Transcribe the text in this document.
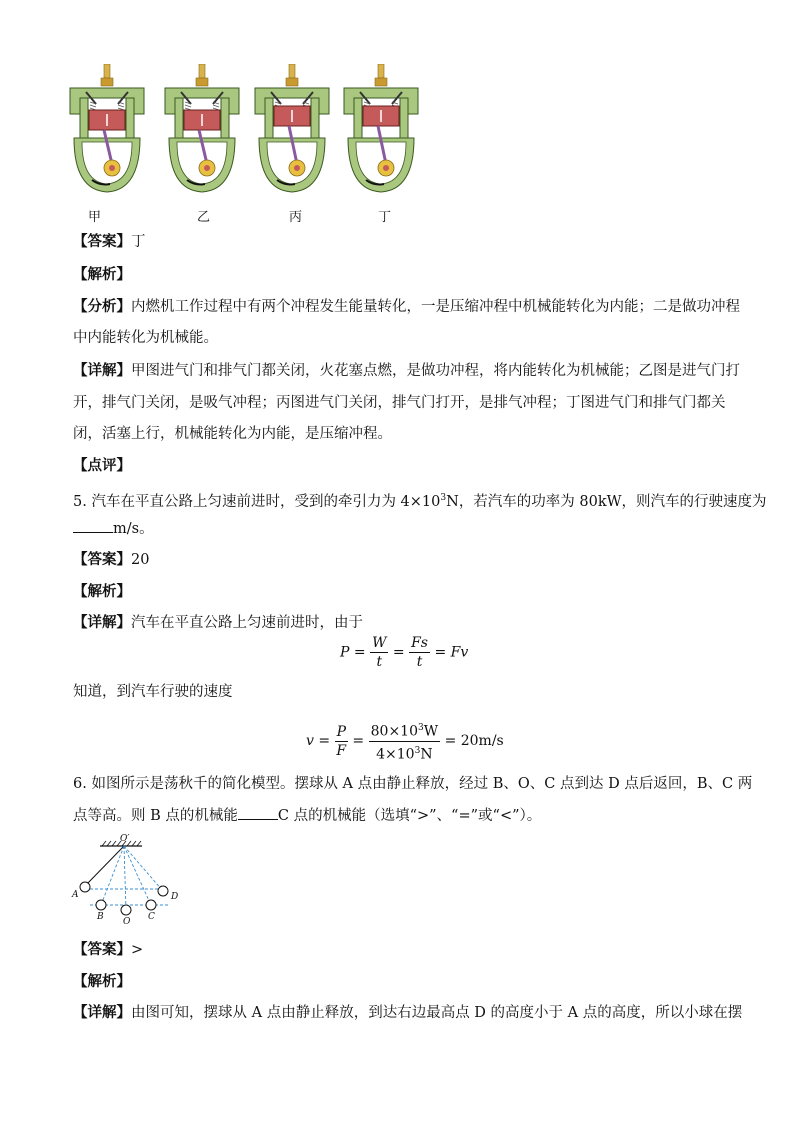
甲	乙	丙	丁
【答案】丁
【解析】
【分析】内燃机工作过程中有两个冲程发生能量转化，一是压缩冲程中机械能转化为内能；二是做功冲程
中内能转化为机械能。
【详解】甲图进气门和排气门都关闭，火花塞点燃，是做功冲程，将内能转化为机械能；乙图是进气门打
开，排气门关闭，是吸气冲程；丙图进气门关闭，排气门打开，是排气冲程；丁图进气门和排气门都关
闭，活塞上行，机械能转化为内能，是压缩冲程。
【点评】
5. 汽车在平直公路上匀速前进时，受到的牵引力为 $4\times 10^3N$，若汽车的功率为 80kW，则汽车的行驶速度为
m/s。
【答案】20
【解析】
【详解】汽车在平直公路上匀速前进时，由于
$P = \frac{W}{t} = \frac{Fs}{t} = Fv$
知道，到汽车行驶的速度
$v = \frac{P}{F} = \frac{80\times 10^3W}{4\times 10^3N} = 20m/s$
6. 如图所示是荡秋千的简化模型。摆球从 A 点由静止释放，经过 B、O、C 点到达 D 点后返回，B、C 两
点等高。则 B 点的机械能	C 点的机械能（选填“>”、“=”或“<”）。
O′
A
B O C
D
【答案】>
【解析】
【详解】由图可知，摆球从 A 点由静止释放，到达右边最高点 D 的高度小于 A 点的高度，所以小球在摆
